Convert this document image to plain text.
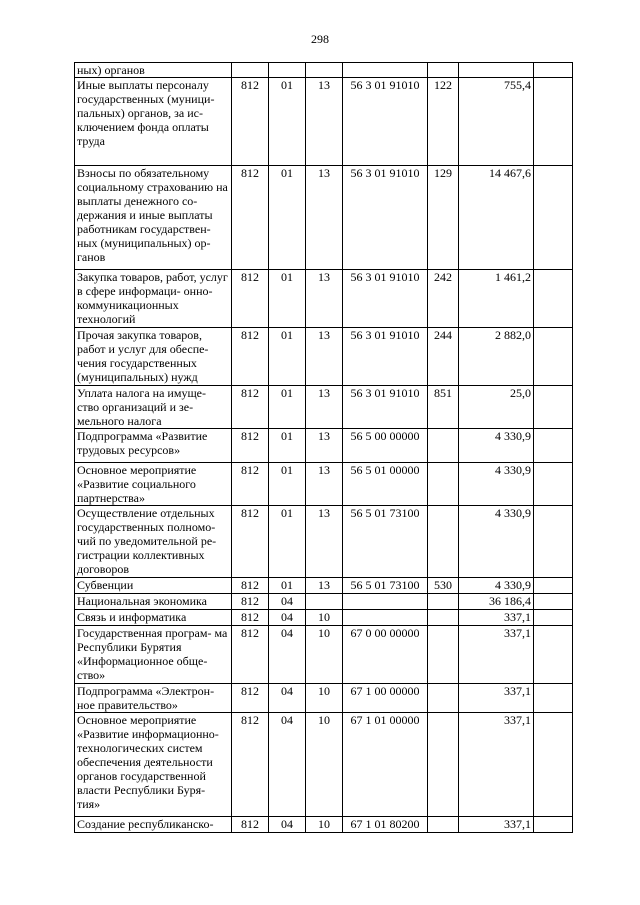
298
ных) органов							
Иные выплаты персоналу государственных (муници- пальных) органов, за ис- ключением фонда оплаты труда	812	01	13	56 3 01 91010	122	755,4	
Взносы по обязательному социальному страхованию на выплаты денежного со- держания и иные выплаты работникам государствен- ных (муниципальных) ор- ганов	812	01	13	56 3 01 91010	129	14 467,6	
Закупка товаров, работ, услуг в сфере информаци- онно-коммуникационных технологий	812	01	13	56 3 01 91010	242	1 461,2	
Прочая закупка товаров, работ и услуг для обеспе- чения государственных (муниципальных) нужд	812	01	13	56 3 01 91010	244	2 882,0	
Уплата налога на имуще- ство организаций и зе- мельного налога	812	01	13	56 3 01 91010	851	25,0	
Подпрограмма «Развитие трудовых ресурсов»	812	01	13	56 5 00 00000		4 330,9	
Основное мероприятие «Развитие социального партнерства»	812	01	13	56 5 01 00000		4 330,9	
Осуществление отдельных государственных полномо- чий по уведомительной ре- гистрации коллективных договоров	812	01	13	56 5 01 73100		4 330,9	
Субвенции	812	01	13	56 5 01 73100	530	4 330,9	
Национальная экономика	812	04				36 186,4	
Связь и информатика	812	04	10			337,1	
Государственная програм- ма Республики Бурятия «Информационное обще- ство»	812	04	10	67 0 00 00000		337,1	
Подпрограмма «Электрон- ное правительство»	812	04	10	67 1 00 00000		337,1	
Основное мероприятие «Развитие информационно- технологических систем обеспечения деятельности органов государственной власти Республики Буря- тия»	812	04	10	67 1 01 00000		337,1	
Создание республиканско-	812	04	10	67 1 01 80200		337,1	
